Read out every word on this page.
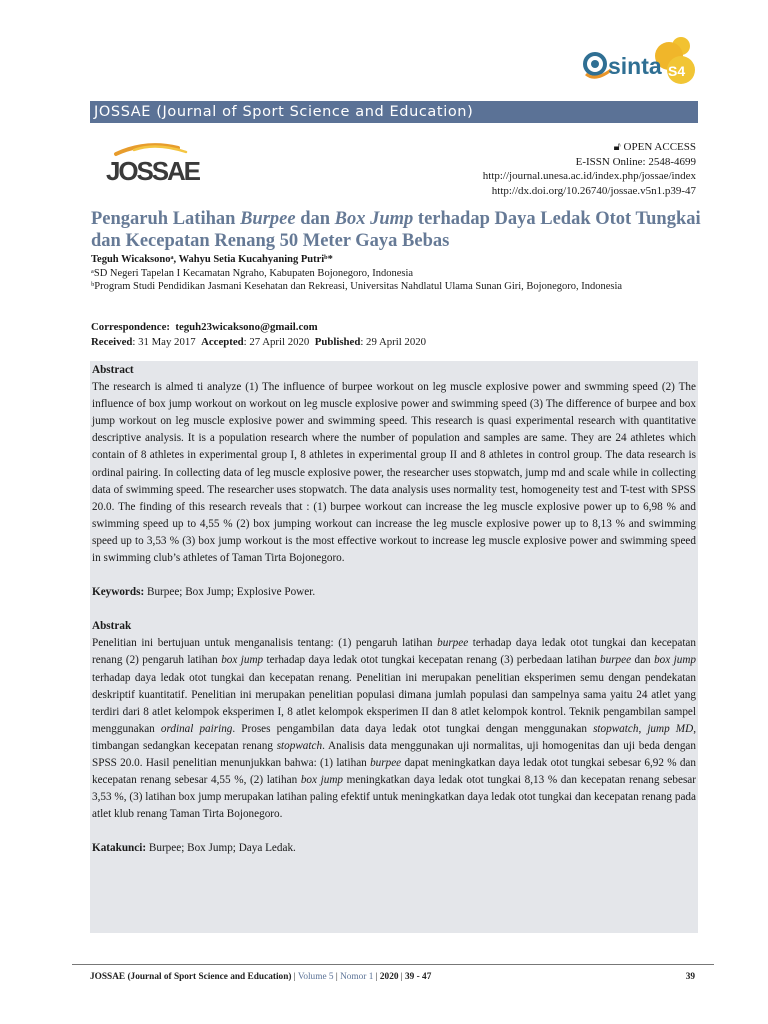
sinta S4
JOSSAE (Journal of Sport Science and Education)
JOSSAE
🔓︎ OPEN ACCESS
E-ISSN Online: 2548-4699
http://journal.unesa.ac.id/index.php/jossae/index
http://dx.doi.org/10.26740/jossae.v5n1.p39-47
Pengaruh Latihan Burpee dan Box Jump terhadap Daya Ledak Otot Tungkai dan Kecepatan Renang 50 Meter Gaya Bebas
Teguh Wicaksonoᵃ, Wahyu Setia Kucahyaning Putriᵇ*
ᵃSD Negeri Tapelan I Kecamatan Ngraho, Kabupaten Bojonegoro, Indonesia
ᵇProgram Studi Pendidikan Jasmani Kesehatan dan Rekreasi, Universitas Nahdlatul Ulama Sunan Giri, Bojonegoro, Indonesia
Correspondence: teguh23wicaksono@gmail.com
Received: 31 May 2017 Accepted: 27 April 2020 Published: 29 April 2020

Abstract

The research is almed ti analyze (1) The influence of burpee workout on leg muscle explosive power and swmming speed (2) The influence of box jump workout on workout on leg muscle explosive power and swimming speed (3) The difference of burpee and box jump workout on leg muscle explosive power and swimming speed. This research is quasi experimental research with quantitative descriptive analysis. It is a population research where the number of population and samples are same. They are 24 athletes which contain of 8 athletes in experimental group I, 8 athletes in experimental group II and 8 athletes in control group. The data research is ordinal pairing. In collecting data of leg muscle explosive power, the researcher uses stopwatch, jump md and scale while in collecting data of swimming speed. The researcher uses stopwatch. The data analysis uses normality test, homogeneity test and T-test with SPSS 20.0. The finding of this research reveals that : (1) burpee workout can increase the leg muscle explosive power up to 6,98 % and swimming speed up to 4,55 % (2) box jumping workout can increase the leg muscle explosive power up to 8,13 % and swimming speed up to 3,53 % (3) box jump workout is the most effective workout to increase leg muscle explosive power and swimming speed in swimming club’s athletes of Taman Tirta Bojonegoro.

Keywords: Burpee; Box Jump; Explosive Power.

Abstrak

Penelitian ini bertujuan untuk menganalisis tentang: (1) pengaruh latihan burpee terhadap daya ledak otot tungkai dan kecepatan renang (2) pengaruh latihan box jump terhadap daya ledak otot tungkai kecepatan renang (3) perbedaan latihan burpee dan box jump terhadap daya ledak otot tungkai dan kecepatan renang. Penelitian ini merupakan penelitian eksperimen semu dengan pendekatan deskriptif kuantitatif. Penelitian ini merupakan penelitian populasi dimana jumlah populasi dan sampelnya sama yaitu 24 atlet yang terdiri dari 8 atlet kelompok eksperimen I, 8 atlet kelompok eksperimen II dan 8 atlet kelompok kontrol. Teknik pengambilan sampel menggunakan ordinal pairing. Proses pengambilan data daya ledak otot tungkai dengan menggunakan stopwatch, jump MD, timbangan sedangkan kecepatan renang stopwatch. Analisis data menggunakan uji normalitas, uji homogenitas dan uji beda dengan SPSS 20.0. Hasil penelitian menunjukkan bahwa: (1) latihan burpee dapat meningkatkan daya ledak otot tungkai sebesar 6,92 % dan kecepatan renang sebesar 4,55 %, (2) latihan box jump meningkatkan daya ledak otot tungkai 8,13 % dan kecepatan renang sebesar 3,53 %, (3) latihan box jump merupakan latihan paling efektif untuk meningkatkan daya ledak otot tungkai dan kecepatan renang pada atlet klub renang Taman Tirta Bojonegoro.

Katakunci: Burpee; Box Jump; Daya Ledak.

JOSSAE (Journal of Sport Science and Education) | Volume 5 | Nomor 1 | 2020 | 39 - 47	39
